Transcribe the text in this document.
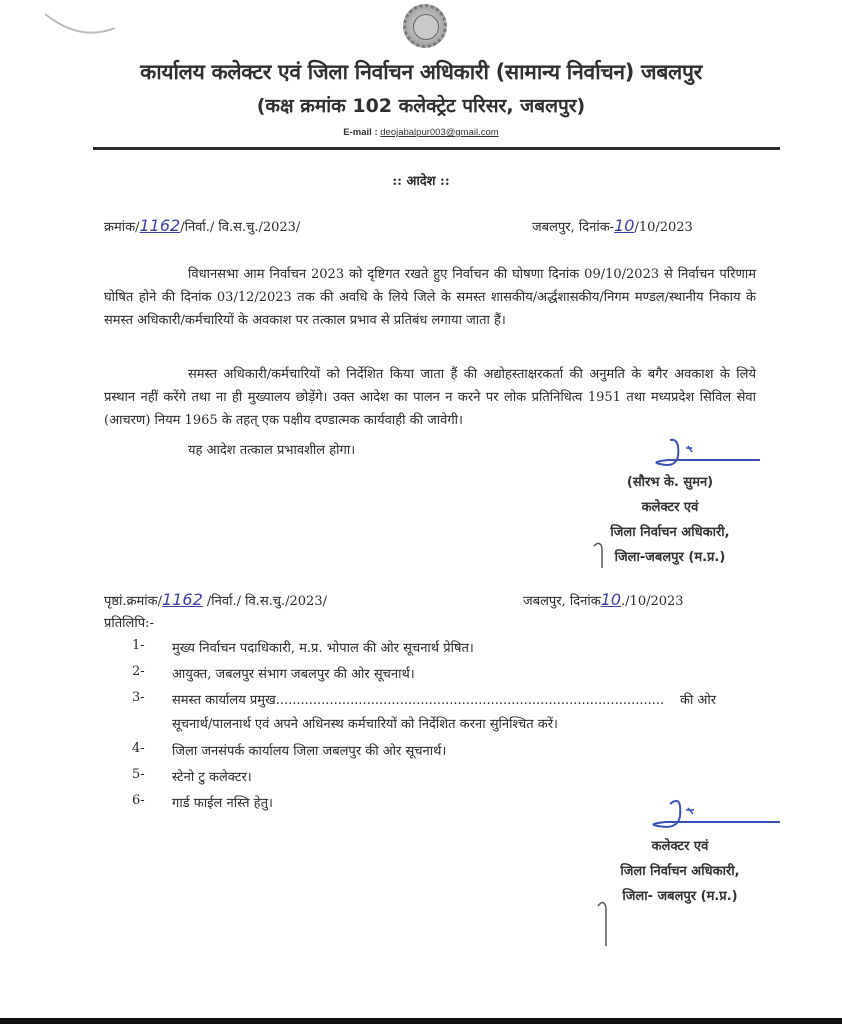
कार्यालय कलेक्टर एवं जिला निर्वाचन अधिकारी (सामान्य निर्वाचन) जबलपुर
(कक्ष क्रमांक 102 कलेक्ट्रेट परिसर, जबलपुर)
E-mail : deojabalpur003@gmail.com
:: आदेश ::
क्रमांक/1162/निर्वा./ वि.स.चु./2023/	जबलपुर, दिनांक-10/10/2023
विधानसभा आम निर्वाचन 2023 को दृष्टिगत रखते हुए निर्वाचन की घोषणा दिनांक 09/10/2023 से निर्वाचन परिणाम घोषित होने की दिनांक 03/12/2023 तक की अवधि के लिये जिले के समस्त शासकीय/अर्द्धशासकीय/निगम मण्डल/स्थानीय निकाय के समस्त अधिकारी/कर्मचारियों के अवकाश पर तत्काल प्रभाव से प्रतिबंध लगाया जाता हैं।
समस्त अधिकारी/कर्मचारियों को निर्देशित किया जाता हैं की अद्योहस्ताक्षरकर्ता की अनुमति के बगैर अवकाश के लिये प्रस्थान नहीं करेंगे तथा ना ही मुख्यालय छोड़ेंगे। उक्त आदेश का पालन न करने पर लोक प्रतिनिधित्व 1951 तथा मध्यप्रदेश सिविल सेवा (आचरण) नियम 1965 के तहत् एक पक्षीय दण्डात्मक कार्यवाही की जावेगी।
यह आदेश तत्काल प्रभावशील होगा।
(सौरभ के. सुमन)
कलेक्टर एवं
जिला निर्वाचन अधिकारी,
जिला-जबलपुर (म.प्र.)
पृष्ठां.क्रमांक/1162 /निर्वा./ वि.स.चु./2023/	जबलपुर, दिनांक10./10/2023
प्रतिलिपि:-
1- मुख्य निर्वाचन पदाधिकारी, म.प्र. भोपाल की ओर सूचनार्थ प्रेषित।
2- आयुक्त, जबलपुर संभाग जबलपुर की ओर सूचनार्थ।
3- समस्त कार्यालय प्रमुख..............................................................................................	की ओर
सूचनार्थ/पालनार्थ एवं अपने अधिनस्थ कर्मचारियों को निर्देशित करना सुनिश्चित करें।
4- जिला जनसंपर्क कार्यालय जिला जबलपुर की ओर सूचनार्थ।
5- स्टेनो टु कलेक्टर।
6- गार्ड फाईल नस्ति हेतु।
कलेक्टर एवं
जिला निर्वाचन अधिकारी,
जिला- जबलपुर (म.प्र.)
